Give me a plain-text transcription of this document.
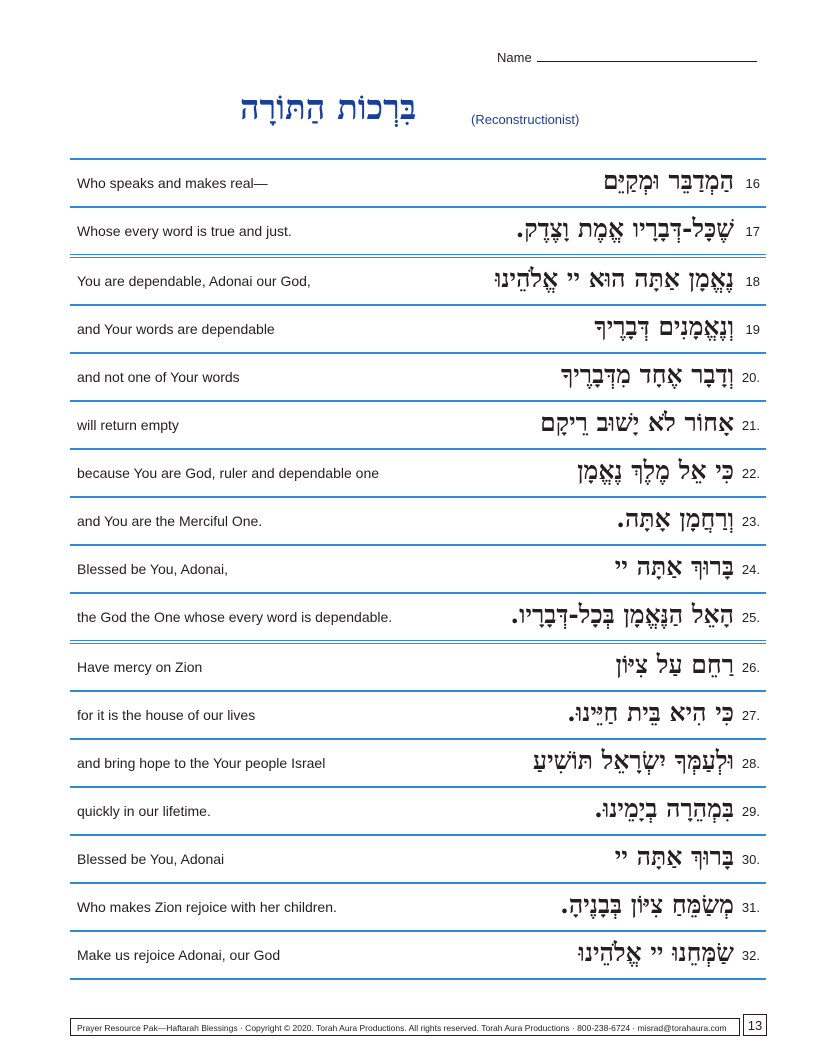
Name
בִּרְכוֹת הַתּוֹרָה	(Reconstructionist)
Who speaks and makes real—	הַמְדַבֵּר וּמְקַיֵּם 16
Whose every word is true and just.	שֶׁכָּל-דְּבָרָיו אֱמֶת וָצֶדֶק. 17
You are dependable, Adonai our God,	נֶאֱמָן אַתָּה הוּא יי אֱלֹהֵינוּ 18
and Your words are dependable	וְנֶאֱמָנִים דְּבָרֶיךָ 19
and not one of Your words	וְדָבָר אֶחָד מִדְּבָרֶיךָ 20.
will return empty	אָחוֹר לֹא יָשׁוּב רֵיקָם 21.
because You are God, ruler and dependable one	כִּי אֵל מֶלֶךְ נֶאֱמָן 22.
and You are the Merciful One.	וְרַחֲמָן אָתָּה. 23.
Blessed be You, Adonai,	בָּרוּךְ אַתָּה יי 24.
the God the One whose every word is dependable.	הָאֵל הַנֶּאֱמָן בְּכָל-דְּבָרָיו. 25.
Have mercy on Zion	רַחֵם עַל צִיּוֹן 26.
for it is the house of our lives	כִּי הִיא בֵּית חַיֵּינוּ. 27.
and bring hope to the Your people Israel	וּלְעַמְּךָ יִשְׂרָאֵל תּוֹשִׁיעַ 28.
quickly in our lifetime.	בִּמְהֵרָה בְיָמֵינוּ. 29.
Blessed be You, Adonai	בָּרוּךְ אַתָּה יי 30.
Who makes Zion rejoice with her children.	מְשַׂמֵּחַ צִיּוֹן בְּבָנֶיהָ. 31.
Make us rejoice Adonai, our God	שַׂמְּחֵנוּ יי אֱלֹהֵינוּ 32.
Prayer Resource Pak—Haftarah Blessings · Copyright © 2020. Torah Aura Productions. All rights reserved. Torah Aura Productions · 800-238-6724 · misrad@torahaura.com	13
